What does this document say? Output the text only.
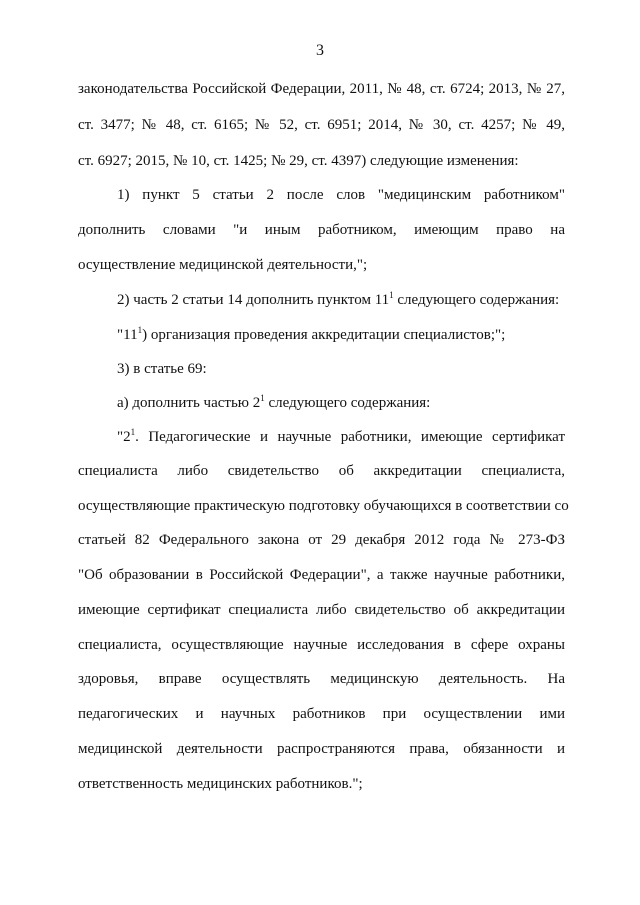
3
законодательства Российской Федерации, 2011, № 48, ст. 6724; 2013, № 27,
ст. 3477; № 48, ст. 6165; № 52, ст. 6951; 2014, № 30, ст. 4257; № 49,
ст. 6927; 2015, № 10, ст. 1425; № 29, ст. 4397) следующие изменения:
1) пункт 5 статьи 2 после слов "медицинским работником"
дополнить словами "и иным работником, имеющим право на
осуществление медицинской деятельности,";
2) часть 2 статьи 14 дополнить пунктом $11^1$ следующего содержания:
"$11^1$) организация проведения аккредитации специалистов;";
3) в статье 69:
а) дополнить частью $2^1$ следующего содержания:
"$2^1$. Педагогические и научные работники, имеющие сертификат
специалиста либо свидетельство об аккредитации специалиста,
осуществляющие практическую подготовку обучающихся в соответствии со
статьей 82 Федерального закона от 29 декабря 2012 года № 273-ФЗ
"Об образовании в Российской Федерации", а также научные работники,
имеющие сертификат специалиста либо свидетельство об аккредитации
специалиста, осуществляющие научные исследования в сфере охраны
здоровья, вправе осуществлять медицинскую деятельность. На
педагогических и научных работников при осуществлении ими
медицинской деятельности распространяются права, обязанности и
ответственность медицинских работников.";
